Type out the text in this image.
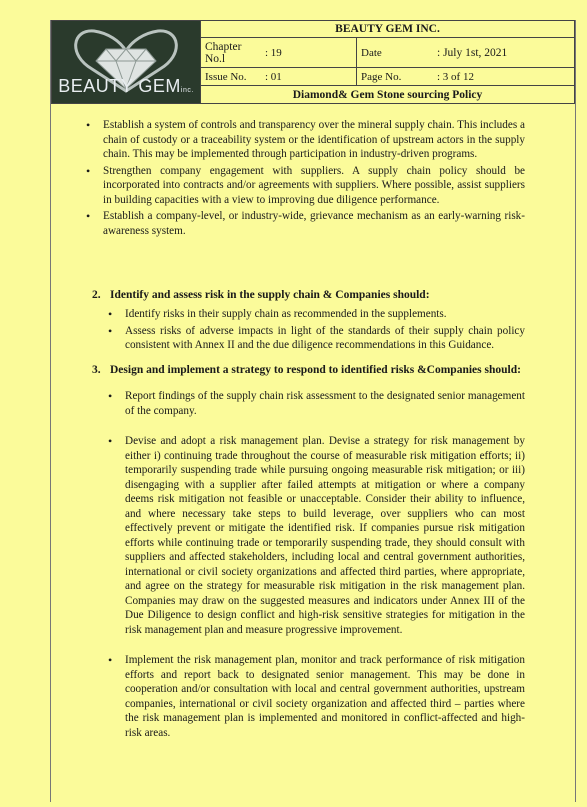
BEAUTY GEMinc.
BEAUTY GEM INC.
Chapter No.l	: 19	Date	: July 1st, 2021
Issue No.	: 01	Page No.	: 3 of 12
Diamond& Gem Stone sourcing Policy
• Establish a system of controls and transparency over the mineral supply chain. This includes a chain of custody or a traceability system or the identification of upstream actors in the supply chain. This may be implemented through participation in industry-driven programs.
• Strengthen company engagement with suppliers. A supply chain policy should be incorporated into contracts and/or agreements with suppliers. Where possible, assist suppliers in building capacities with a view to improving due diligence performance.
• Establish a company-level, or industry-wide, grievance mechanism as an early-warning risk-awareness system.
2. Identify and assess risk in the supply chain & Companies should:
• Identify risks in their supply chain as recommended in the supplements.
• Assess risks of adverse impacts in light of the standards of their supply chain policy consistent with Annex II and the due diligence recommendations in this Guidance.
3. Design and implement a strategy to respond to identified risks &Companies should:
• Report findings of the supply chain risk assessment to the designated senior management of the company.
• Devise and adopt a risk management plan. Devise a strategy for risk management by either i) continuing trade throughout the course of measurable risk mitigation efforts; ii) temporarily suspending trade while pursuing ongoing measurable risk mitigation; or iii) disengaging with a supplier after failed attempts at mitigation or where a company deems risk mitigation not feasible or unacceptable. Consider their ability to influence, and where necessary take steps to build leverage, over suppliers who can most effectively prevent or mitigate the identified risk. If companies pursue risk mitigation efforts while continuing trade or temporarily suspending trade, they should consult with suppliers and affected stakeholders, including local and central government authorities, international or civil society organizations and affected third parties, where appropriate, and agree on the strategy for measurable risk mitigation in the risk management plan. Companies may draw on the suggested measures and indicators under Annex III of the Due Diligence to design conflict and high-risk sensitive strategies for mitigation in the risk management plan and measure progressive improvement.
• Implement the risk management plan, monitor and track performance of risk mitigation efforts and report back to designated senior management. This may be done in cooperation and/or consultation with local and central government authorities, upstream companies, international or civil society organization and affected third – parties where the risk management plan is implemented and monitored in conflict-affected and high-risk areas.
